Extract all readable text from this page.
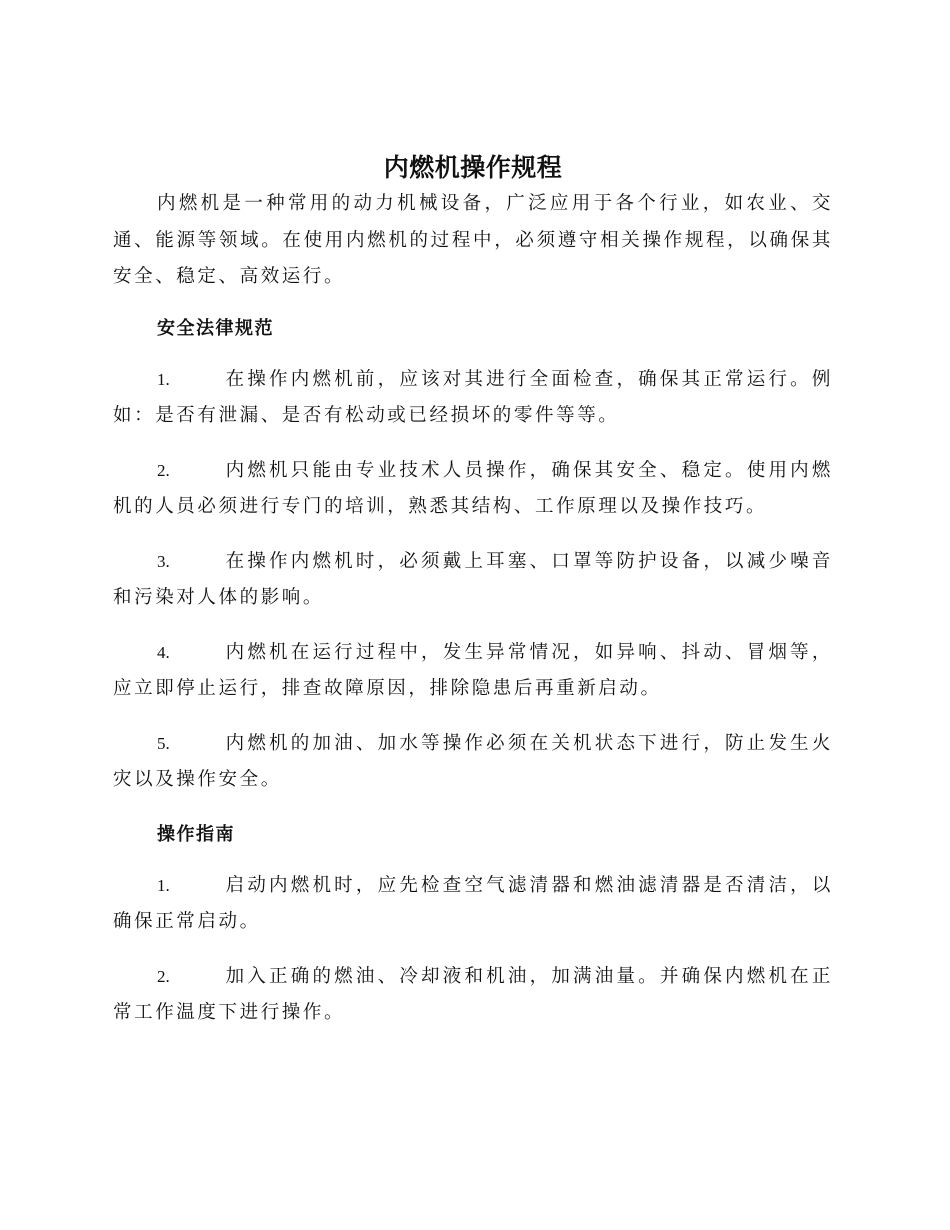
内燃机操作规程

内燃机是一种常用的动力机械设备，广泛应用于各个行业，如农业、交通、能源等领域。在使用内燃机的过程中，必须遵守相关操作规程，以确保其安全、稳定、高效运行。

安全法律规范

1.	在操作内燃机前，应该对其进行全面检查，确保其正常运行。例如：是否有泄漏、是否有松动或已经损坏的零件等等。

2.	内燃机只能由专业技术人员操作，确保其安全、稳定。使用内燃机的人员必须进行专门的培训，熟悉其结构、工作原理以及操作技巧。

3.	在操作内燃机时，必须戴上耳塞、口罩等防护设备，以减少噪音和污染对人体的影响。

4.	内燃机在运行过程中，发生异常情况，如异响、抖动、冒烟等，应立即停止运行，排查故障原因，排除隐患后再重新启动。

5.	内燃机的加油、加水等操作必须在关机状态下进行，防止发生火灾以及操作安全。

操作指南

1.	启动内燃机时，应先检查空气滤清器和燃油滤清器是否清洁，以确保正常启动。

2.	加入正确的燃油、冷却液和机油，加满油量。并确保内燃机在正常工作温度下进行操作。
